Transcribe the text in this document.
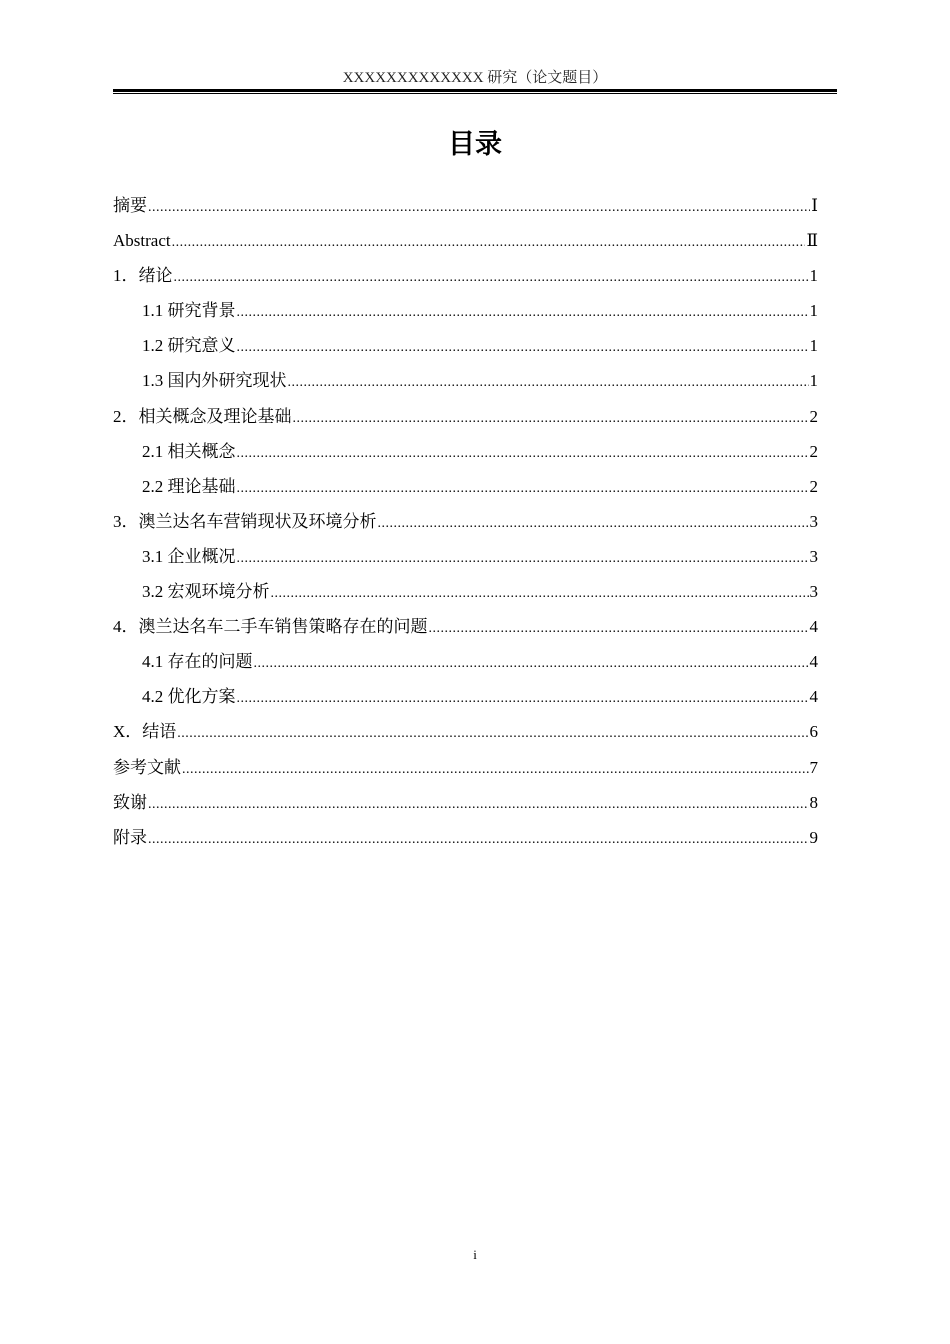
XXXXXXXXXXXXX 研究（论文题目）
目录
摘要 .....	Ⅰ
Abstract .....	Ⅱ
1．绪论 .....	1
1.1 研究背景 .....	1
1.2 研究意义 .....	1
1.3 国内外研究现状 .....	1
2．相关概念及理论基础 .....	2
2.1 相关概念 .....	2
2.2 理论基础 .....	2
3．澳兰达名车营销现状及环境分析 .....	3
3.1 企业概况 .....	3
3.2 宏观环境分析 .....	3
4．澳兰达名车二手车销售策略存在的问题 .....	4
4.1 存在的问题 .....	4
4.2 优化方案 .....	4
X．结语 .....	6
参考文献 .....	7
致谢 .....	8
附录 .....	9
i
